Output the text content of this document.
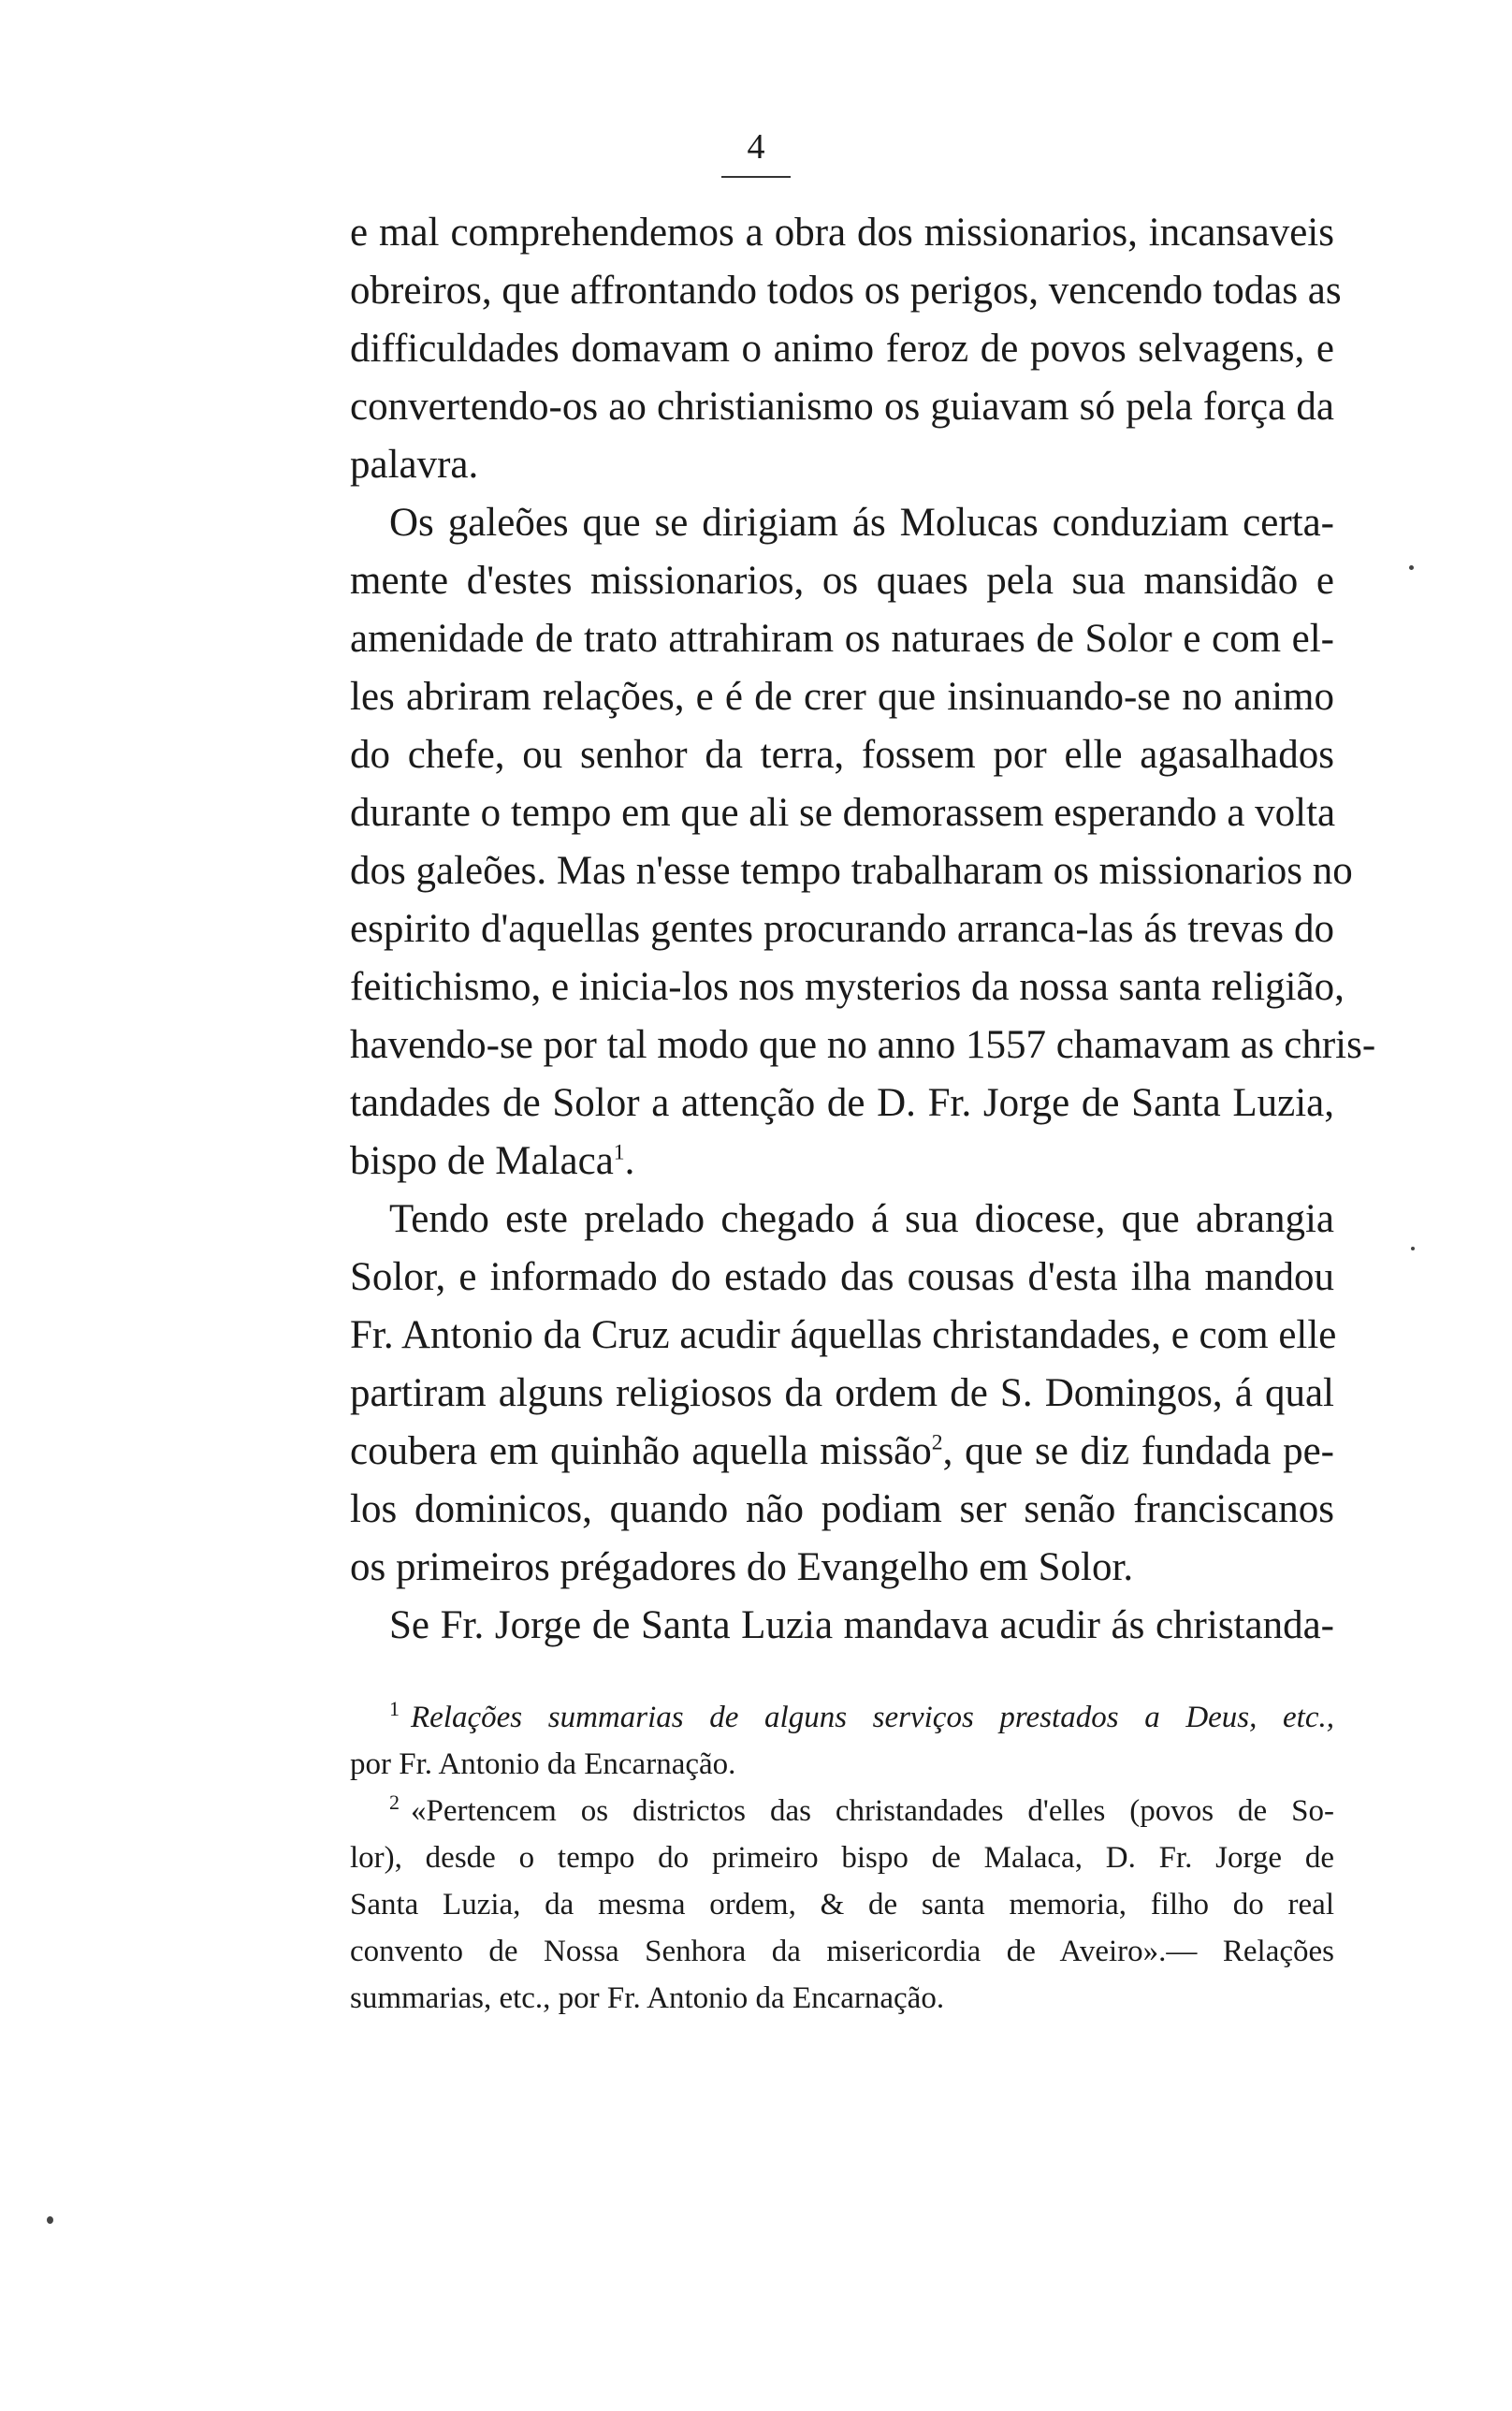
4
e mal comprehendemos a obra dos missionarios, incansaveis
obreiros, que affrontando todos os perigos, vencendo todas as
difficuldades domavam o animo feroz de povos selvagens, e
convertendo-os ao christianismo os guiavam só pela força da
palavra.
Os galeões que se dirigiam ás Molucas conduziam certa-
mente d'estes missionarios, os quaes pela sua mansidão e
amenidade de trato attrahiram os naturaes de Solor e com el-
les abriram relações, e é de crer que insinuando-se no animo
do chefe, ou senhor da terra, fossem por elle agasalhados
durante o tempo em que ali se demorassem esperando a volta
dos galeões. Mas n'esse tempo trabalharam os missionarios no
espirito d'aquellas gentes procurando arranca-las ás trevas do
feitichismo, e inicia-los nos mysterios da nossa santa religião,
havendo-se por tal modo que no anno 1557 chamavam as chris-
tandades de Solor a attenção de D. Fr. Jorge de Santa Luzia,
bispo de Malaca$^1$.
Tendo este prelado chegado á sua diocese, que abrangia
Solor, e informado do estado das cousas d'esta ilha mandou
Fr. Antonio da Cruz acudir áquellas christandades, e com elle
partiram alguns religiosos da ordem de S. Domingos, á qual
coubera em quinhão aquella missão$^2$, que se diz fundada pe-
los dominicos, quando não podiam ser senão franciscanos
os primeiros prégadores do Evangelho em Solor.
Se Fr. Jorge de Santa Luzia mandava acudir ás christanda-
$^1$ Relações summarias de alguns serviços prestados a Deus, etc.,
por Fr. Antonio da Encarnação.
$^2$ «Pertencem os districtos das christandades d'elles (povos de So-
lor), desde o tempo do primeiro bispo de Malaca, D. Fr. Jorge de
Santa Luzia, da mesma ordem, & de santa memoria, filho do real
convento de Nossa Senhora da misericordia de Aveiro».— Relações
summarias, etc., por Fr. Antonio da Encarnação.
